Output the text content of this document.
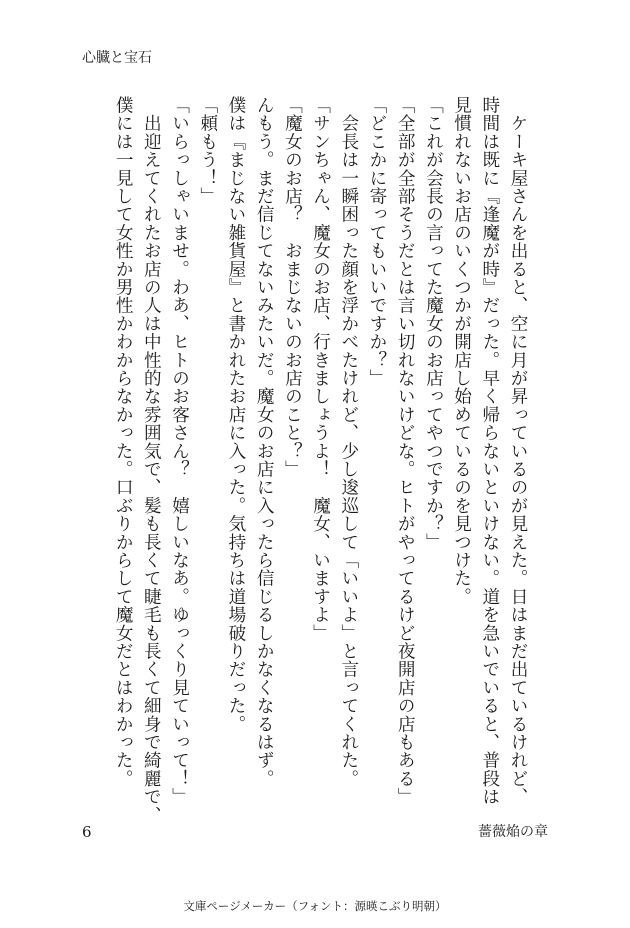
心臓と宝石

　ケーキ屋さんを出ると、空に月が昇っているのが見えた。日はまだ出ているけれど、

時間は既に『逢魔が時』だった。早く帰らないといけない。道を急いでいると、普段は

見慣れないお店のいくつかが開店し始めているのを見つけた。

「これが会長の言ってた魔女のお店ってやつですか？」

「全部が全部そうだとは言い切れないけどな。ヒトがやってるけど夜開店の店もある」

「どこかに寄ってもいいですか？」

　会長は一瞬困った顔を浮かべたけれど、少し逡巡して「いいよ」と言ってくれた。

「サンちゃん、魔女のお店、行きましょうよ！　魔女、いますよ」

「魔女のお店？　おまじないのお店のこと？」

んもう。まだ信じてないみたいだ。魔女のお店に入ったら信じるしかなくなるはず。

僕は『まじない雑貨屋』と書かれたお店に入った。気持ちは道場破りだった。

「頼もう！」

「いらっしゃいませ。わあ、ヒトのお客さん？　嬉しいなあ。ゆっくり見ていって！」

　出迎えてくれたお店の人は中性的な雰囲気で、髪も長くて睫毛も長くて細身で綺麗で、

僕には一見して女性か男性かわからなかった。口ぶりからして魔女だとはわかった。

6	薔薇焔の章
文庫ページメーカー（フォント：源暎こぶり明朝）
